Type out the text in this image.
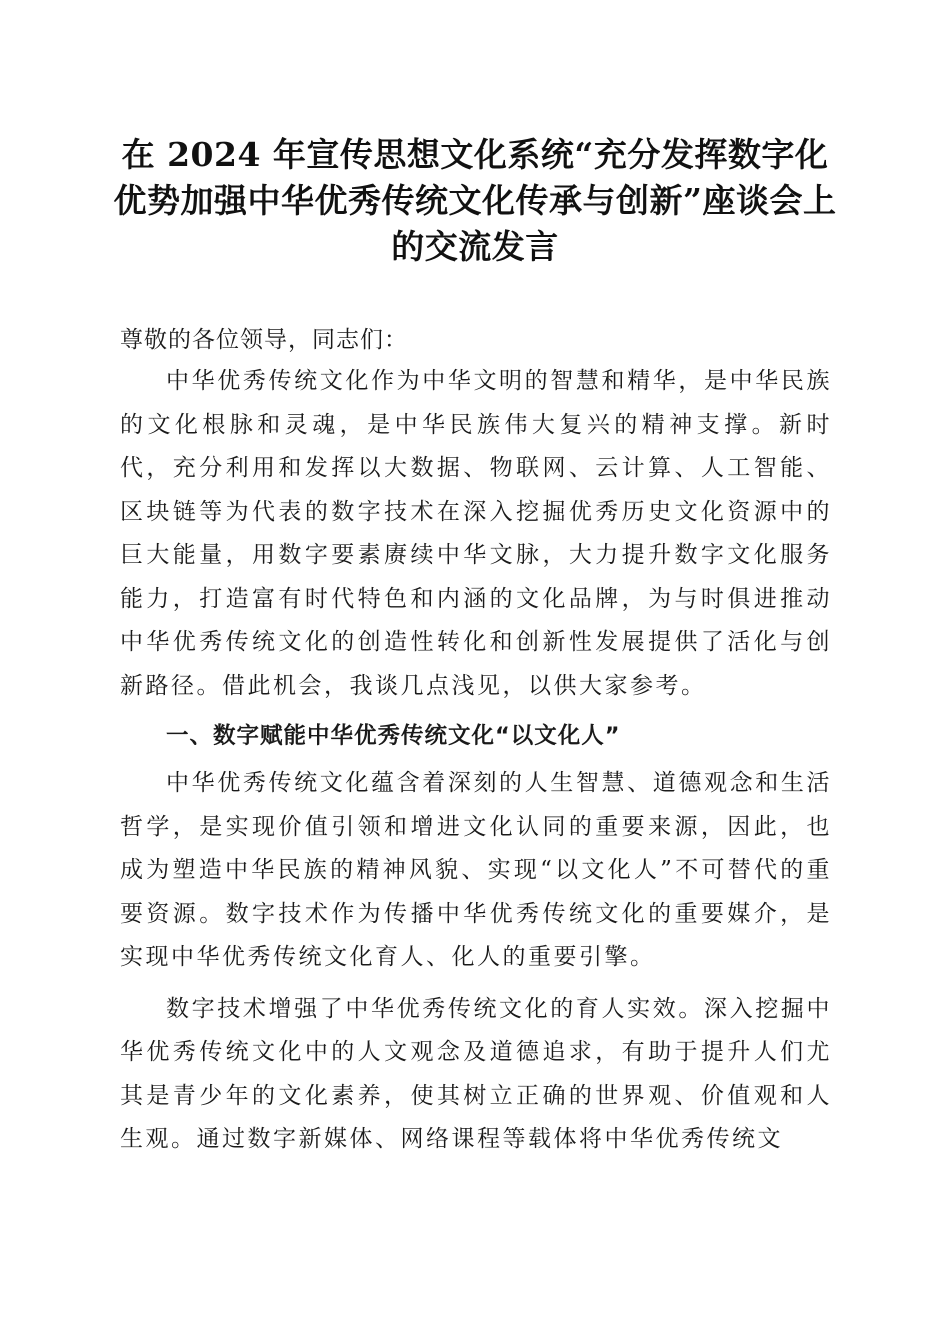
在 2024 年宣传思想文化系统“充分发挥数字化优势加强中华优秀传统文化传承与创新”座谈会上的交流发言

尊敬的各位领导，同志们：

中华优秀传统文化作为中华文明的智慧和精华，是中华民族的文化根脉和灵魂，是中华民族伟大复兴的精神支撑。新时代，充分利用和发挥以大数据、物联网、云计算、人工智能、区块链等为代表的数字技术在深入挖掘优秀历史文化资源中的巨大能量，用数字要素赓续中华文脉，大力提升数字文化服务能力，打造富有时代特色和内涵的文化品牌，为与时俱进推动中华优秀传统文化的创造性转化和创新性发展提供了活化与创新路径。借此机会，我谈几点浅见，以供大家参考。

一、数字赋能中华优秀传统文化“以文化人”

中华优秀传统文化蕴含着深刻的人生智慧、道德观念和生活哲学，是实现价值引领和增进文化认同的重要来源，因此，也成为塑造中华民族的精神风貌、实现“以文化人”不可替代的重要资源。数字技术作为传播中华优秀传统文化的重要媒介，是实现中华优秀传统文化育人、化人的重要引擎。

数字技术增强了中华优秀传统文化的育人实效。深入挖掘中华优秀传统文化中的人文观念及道德追求，有助于提升人们尤其是青少年的文化素养，使其树立正确的世界观、价值观和人生观。通过数字新媒体、网络课程等载体将中华优秀传统文
